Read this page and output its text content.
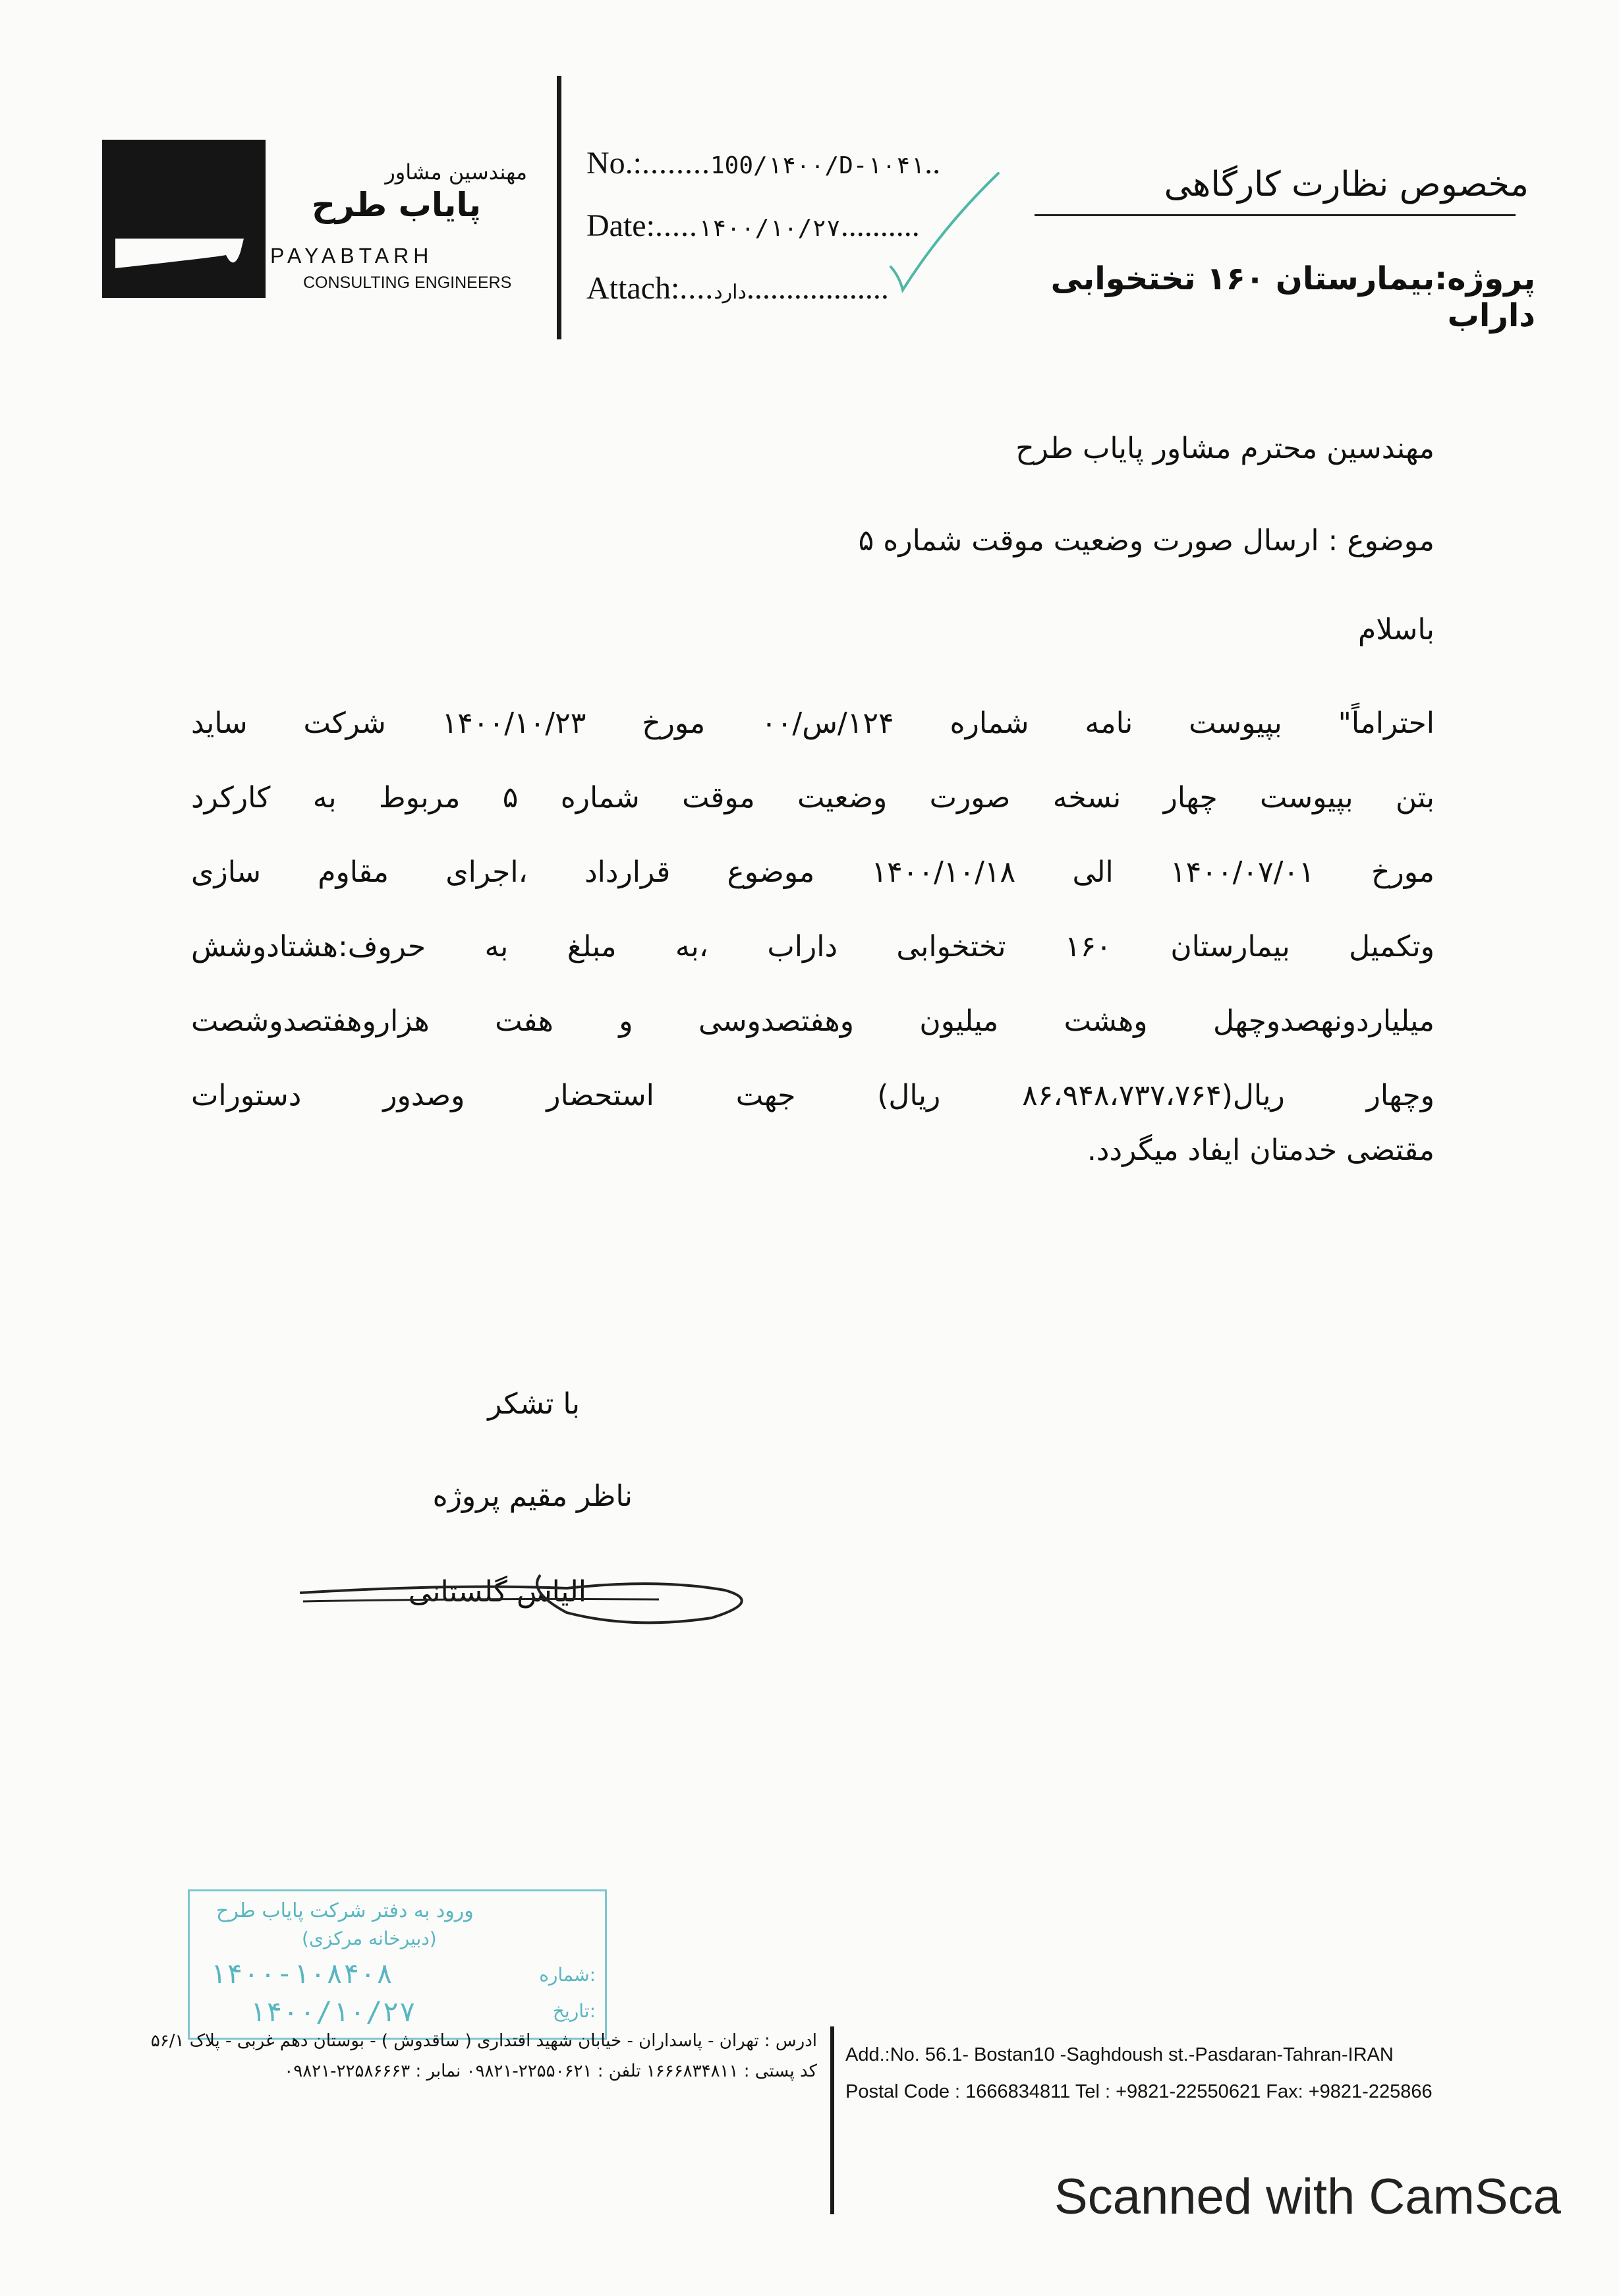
مهندسین مشاور
پایاب طرح
PAYABTARH
CONSULTING ENGINEERS
No.:........100/۱۴۰۰/D-۱۰۴۱..
Date:.....۱۴۰۰/۱۰/۲۷..........
Attach:....دارد..................
مخصوص نظارت کارگاهی
پروژه:بیمارستان ۱۶۰ تختخوابی داراب
مهندسین محترم مشاور پایاب طرح
موضوع : ارسال صورت وضعیت موقت شماره ۵
باسلام
احتراماً" بپیوست نامه شماره ۱۲۴/س/۰۰ مورخ ۱۴۰۰/۱۰/۲۳ شرکت ساید
بتن بپیوست چهار نسخه صورت وضعیت موقت شماره ۵ مربوط به کارکرد
مورخ ۱۴۰۰/۰۷/۰۱ الی ۱۴۰۰/۱۰/۱۸ موضوع قرارداد ،اجرای مقاوم سازی
وتکمیل بیمارستان ۱۶۰ تختخوابی داراب ،به مبلغ به حروف:هشتادوشش
میلیاردونهصدوچهل وهشت میلیون وهفتصدوسی و هفت هزاروهفتصدوشصت
وچهار ریال(۸۶،۹۴۸،۷۳۷،۷۶۴ ریال) جهت استحضار وصدور دستورات
مقتضی خدمتان ایفاد میگردد.
با تشکر
ناظر مقیم پروژه
الیاس گلستانی
ورود به دفتر شرکت پایاب طرح
(دبیرخانه مرکزی)
شماره:
۱۴۰۰-۱۰۸۴۰۸
تاریخ:
۱۴۰۰/۱۰/۲۷
ادرس : تهران - پاسداران - خیابان شهید اقتداری ( ساقدوش ) - بوستان دهم غربی - پلاک ۵۶/۱
کد پستی : ۱۶۶۶۸۳۴۸۱۱ تلفن : ۲۲۵۵۰۶۲۱-۰۹۸۲۱ نمابر : ۲۲۵۸۶۶۶۳-۰۹۸۲۱
Add.:No. 56.1- Bostan10 -Saghdoush st.-Pasdaran-Tahran-IRAN
Postal Code : 1666834811 Tel : +9821-22550621 Fax: +9821-225866
Scanned with CamSca
